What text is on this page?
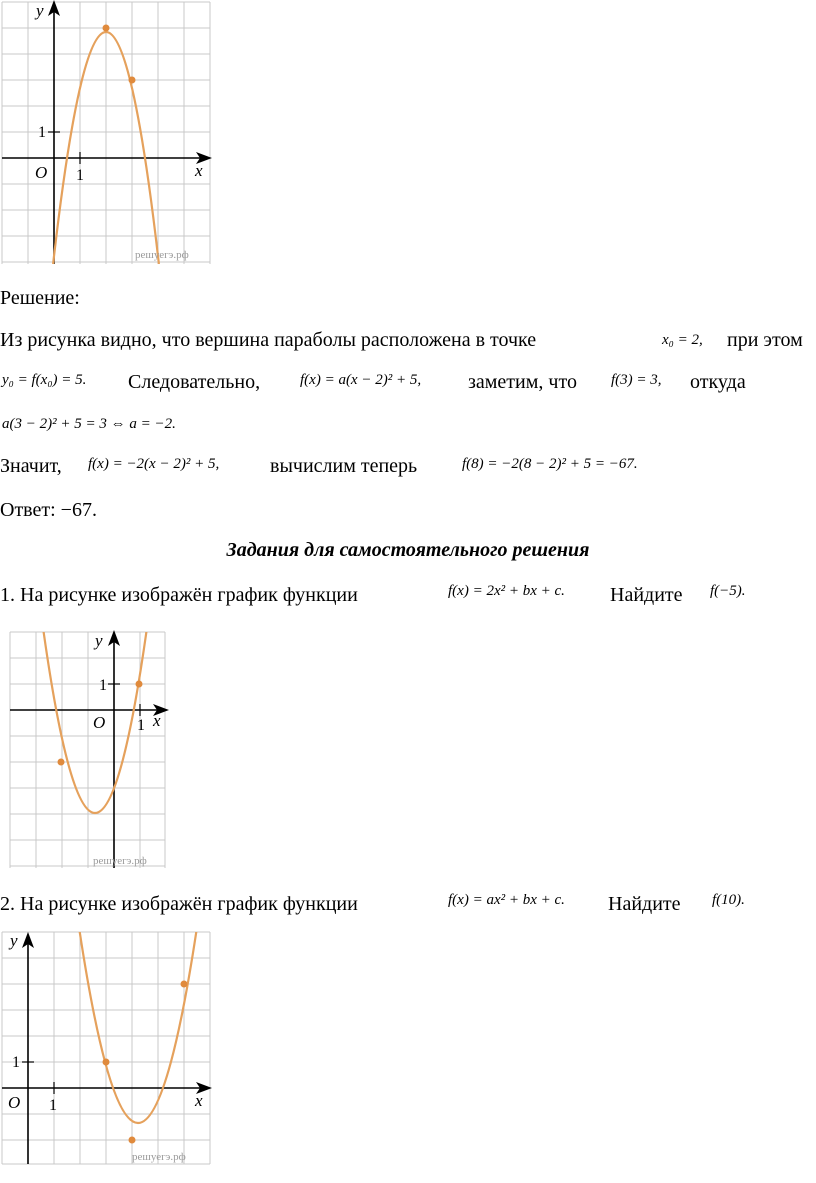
y
x
O 1
1
решуегэ.рф
Решение:
Из рисунка видно, что вершина параболы расположена в точке	x₀ = 2, при этом
y₀ = f(x₀) = 5. Следовательно,	f(x) = a(x − 2)² + 5, заметим, что f(3) = 3, откуда
a(3 − 2)² + 5 = 3 ⇔ a = −2.
Значит, f(x) = −2(x − 2)² + 5,	вычислим теперь	f(8) = −2(8 − 2)² + 5 = −67.
Ответ: −67.
Задания для самостоятельного решения
1. На рисунке изображён график функции	f(x) = 2x² + bx + c. Найдите f(−5).
y
x
O 1
1
решуегэ.рф
2. На рисунке изображён график функции	f(x) = ax² + bx + c. Найдите f(10).
y
x
O 1
1
решуегэ.рф
